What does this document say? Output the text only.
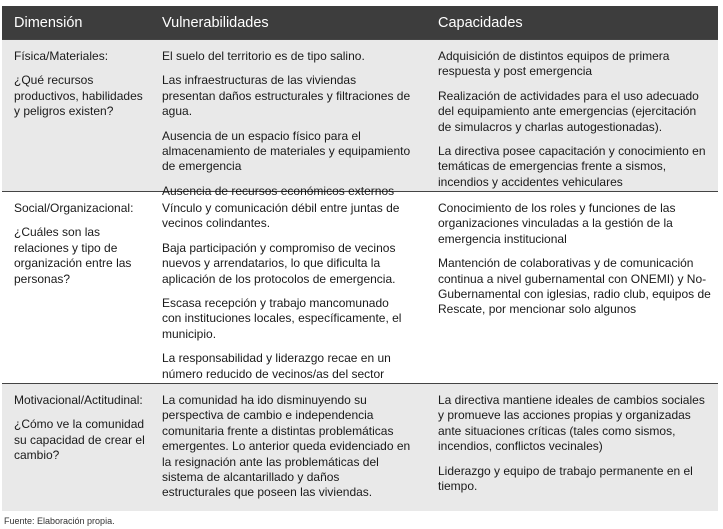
Dimensión	Vulnerabilidades	Capacidades

Física/Materiales:

¿Qué recursos productivos, habilidades y peligros existen?

El suelo del territorio es de tipo salino.

Las infraestructuras de las viviendas presentan daños estructurales y filtraciones de agua.

Ausencia de un espacio físico para el almacenamiento de materiales y equipamiento de emergencia

Ausencia de recursos económicos externos

Adquisición de distintos equipos de primera respuesta y post emergencia

Realización de actividades para el uso adecuado del equipamiento ante emergencias (ejercitación de simulacros y charlas autogestionadas).

La directiva posee capacitación y conocimiento en temáticas de emergencias frente a sismos, incendios y accidentes vehiculares

Social/Organizacional:

¿Cuáles son las relaciones y tipo de organización entre las personas?

Vínculo y comunicación débil entre juntas de vecinos colindantes.

Baja participación y compromiso de vecinos nuevos y arrendatarios, lo que dificulta la aplicación de los protocolos de emergencia.

Escasa recepción y trabajo mancomunado con instituciones locales, específicamente, el municipio.

La responsabilidad y liderazgo recae en un número reducido de vecinos/as del sector

Conocimiento de los roles y funciones de las organizaciones vinculadas a la gestión de la emergencia institucional

Mantención de colaborativas y de comunicación continua a nivel gubernamental con ONEMI) y No-Gubernamental con iglesias, radio club, equipos de Rescate, por mencionar solo algunos

Motivacional/Actitudinal:

¿Cómo ve la comunidad su capacidad de crear el cambio?

La comunidad ha ido disminuyendo su perspectiva de cambio e independencia comunitaria frente a distintas problemáticas emergentes. Lo anterior queda evidenciado en la resignación ante las problemáticas del sistema de alcantarillado y daños estructurales que poseen las viviendas.

La directiva mantiene ideales de cambios sociales y promueve las acciones propias y organizadas ante situaciones críticas (tales como sismos, incendios, conflictos vecinales)

Liderazgo y equipo de trabajo permanente en el tiempo.

Fuente: Elaboración propia.
